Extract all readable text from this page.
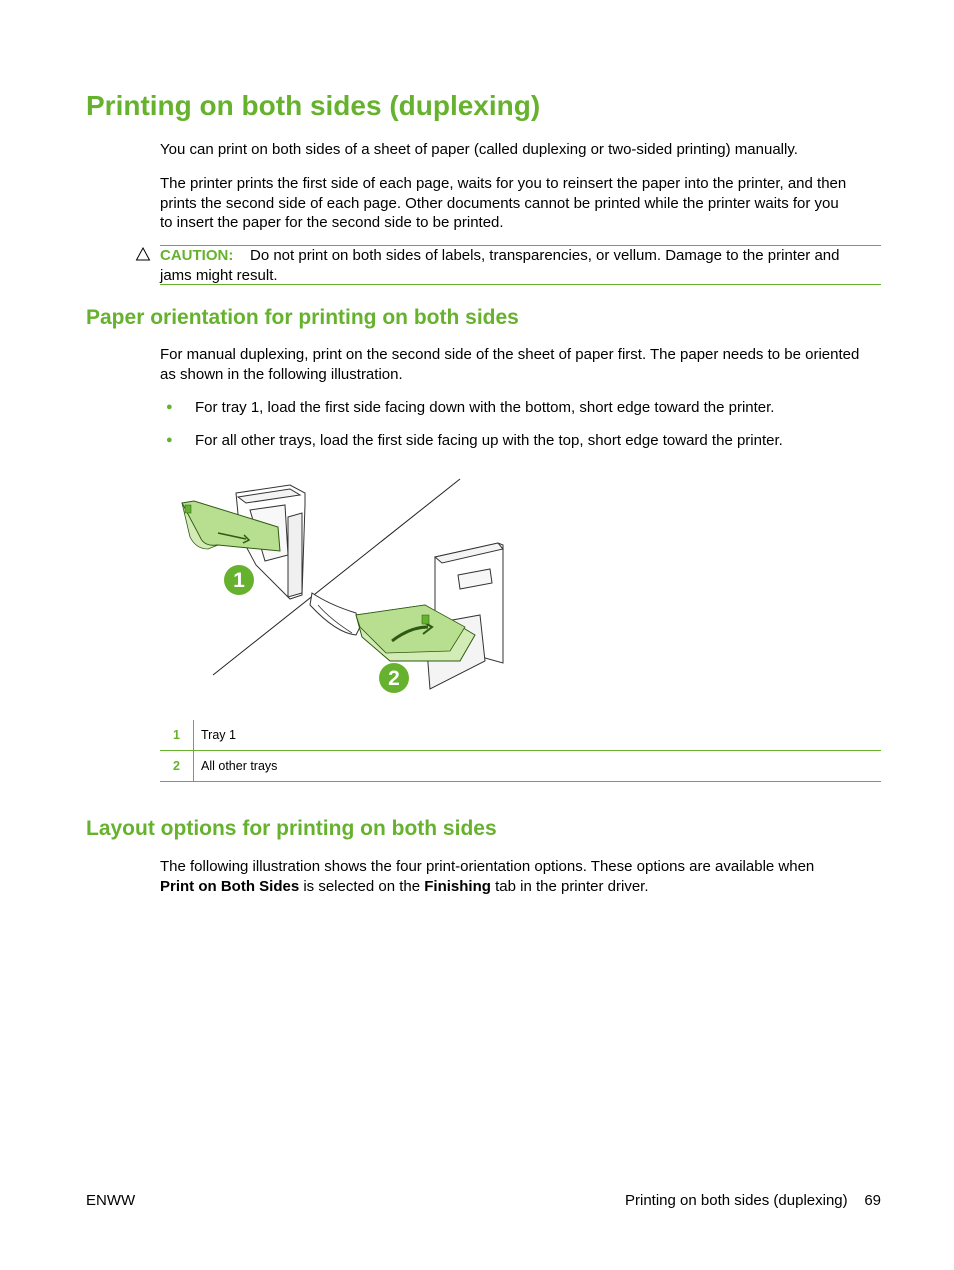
Printing on both sides (duplexing)
You can print on both sides of a sheet of paper (called duplexing or two-sided printing) manually.
The printer prints the first side of each page, waits for you to reinsert the paper into the printer, and then
prints the second side of each page. Other documents cannot be printed while the printer waits for you
to insert the paper for the second side to be printed.
CAUTION: Do not print on both sides of labels, transparencies, or vellum. Damage to the printer and
jams might result.
Paper orientation for printing on both sides
For manual duplexing, print on the second side of the sheet of paper first. The paper needs to be oriented
as shown in the following illustration.
● For tray 1, load the first side facing down with the bottom, short edge toward the printer.
● For all other trays, load the first side facing up with the top, short edge toward the printer.
1
2
1	Tray 1
2	All other trays
Layout options for printing on both sides
The following illustration shows the four print-orientation options. These options are available when
Print on Both Sides is selected on the Finishing tab in the printer driver.
ENWW	Printing on both sides (duplexing) 69
